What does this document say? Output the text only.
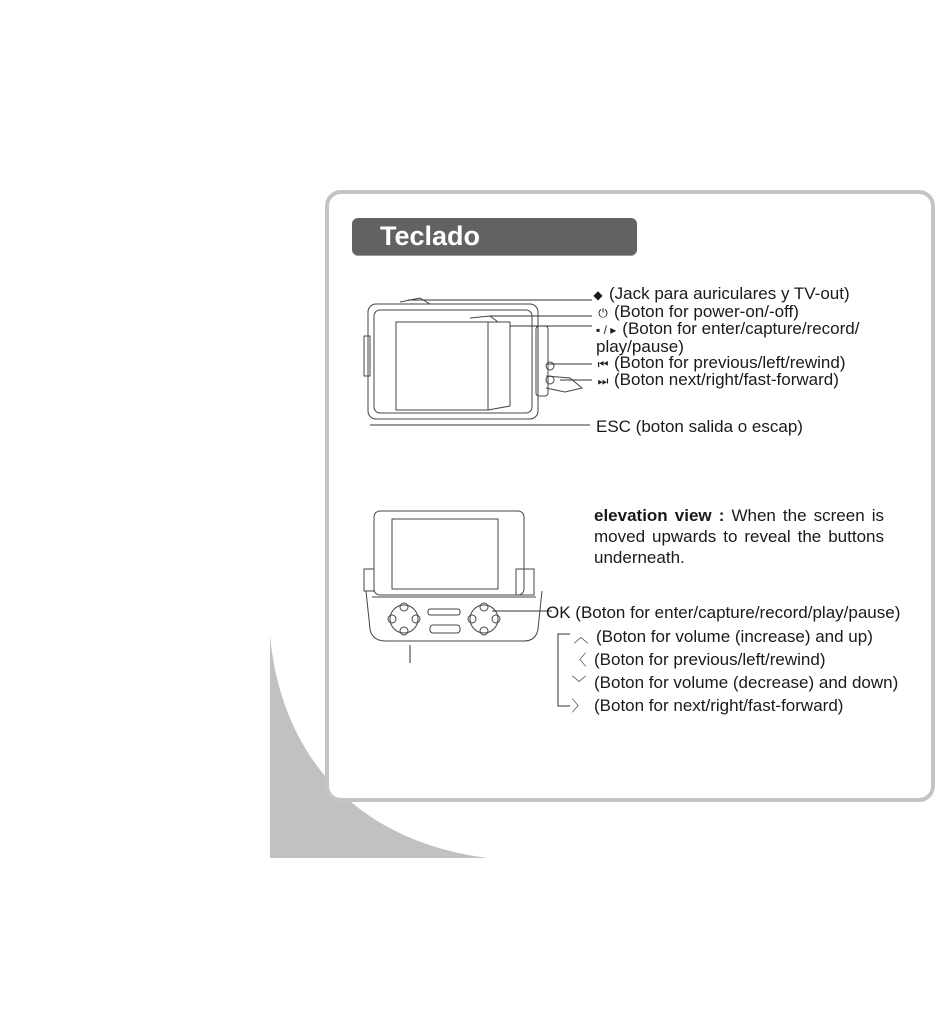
Teclado
◆ (Jack para auriculares y TV-out)
⏻ (Boton for power-on/-off)
▪ / ▸ (Boton for enter/capture/record/
play/pause)
⏮ (Boton for previous/left/rewind)
⏭ (Boton next/right/fast-forward)
ESC (boton salida o escap)
elevation view : When the screen is moved upwards to reveal the buttons underneath.
OK (Boton for enter/capture/record/play/pause)
︿ (Boton for volume (increase) and up)
〈 (Boton for previous/left/rewind)
﹀ (Boton for volume (decrease) and down)
〉 (Boton for next/right/fast-forward)
